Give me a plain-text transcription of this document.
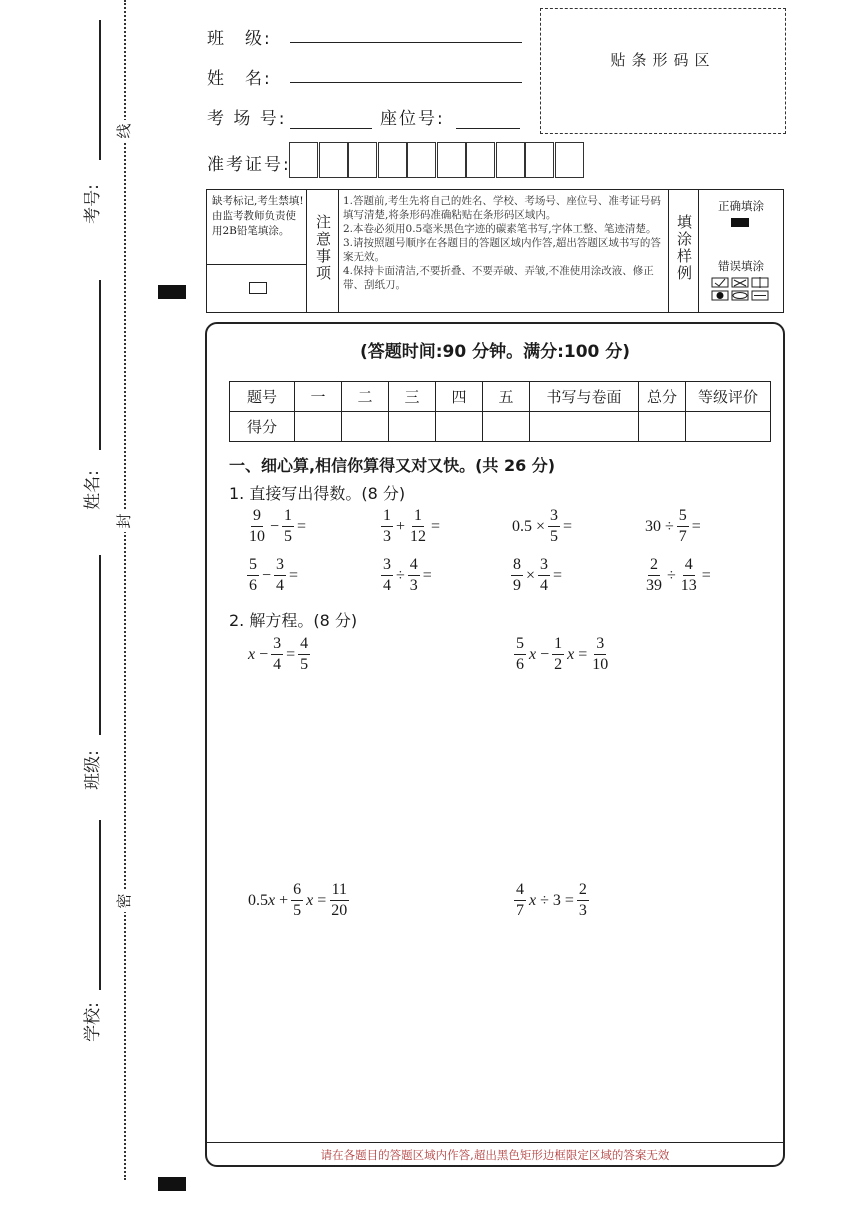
线
封
密
考号:
姓名:
班级:
学校:
班　级:
姓　名:
考 场 号:	座位号:
准考证号:
贴条形码区
缺考标记,考生禁填!由监考教师负责使用2B铅笔填涂。	注意事项
1.答题前,考生先将自己的姓名、学校、考场号、座位号、准考证号码填写清楚,将条形码准确粘贴在条形码区域内。
2.本卷必须用0.5毫米黑色字迹的碳素笔书写,字体工整、笔迹清楚。
3.请按照题号顺序在各题目的答题区域内作答,超出答题区域书写的答案无效。
4.保持卡面清洁,不要折叠、不要弄破、弄皱,不准使用涂改液、修正带、刮纸刀。
填涂样例
正确填涂
错误填涂
(答题时间:90 分钟。满分:100 分)
题号	一	二	三	四	五	书写与卷面	总分	等级评价
得分								
一、细心算,相信你算得又对又快。(共 26 分)
1. 直接写出得数。(8 分)
2. 解方程。(8 分)
$\frac{9}{10} - \frac{1}{5}$ =	$\frac{1}{3} + \frac{1}{12}$ =	$0.5 \times \frac{3}{5}$ =	$30 \div \frac{5}{7}$ =
$\frac{5}{6} - \frac{3}{4}$ =	$\frac{3}{4} \div \frac{4}{3}$ =	$\frac{8}{9} \times \frac{3}{4}$ =	$\frac{2}{39} \div \frac{4}{13}$ =
$x - \frac{3}{4} = \frac{4}{5}$	$\frac{5}{6}$ $x - \frac{1}{2}$ $x = \frac{3}{10}$
$0.5x + \frac{6}{5}$ $x = \frac{11}{20}$	$\frac{4}{7}$ $x \div 3 = \frac{2}{3}$
请在各题目的答题区域内作答,超出黑色矩形边框限定区域的答案无效
